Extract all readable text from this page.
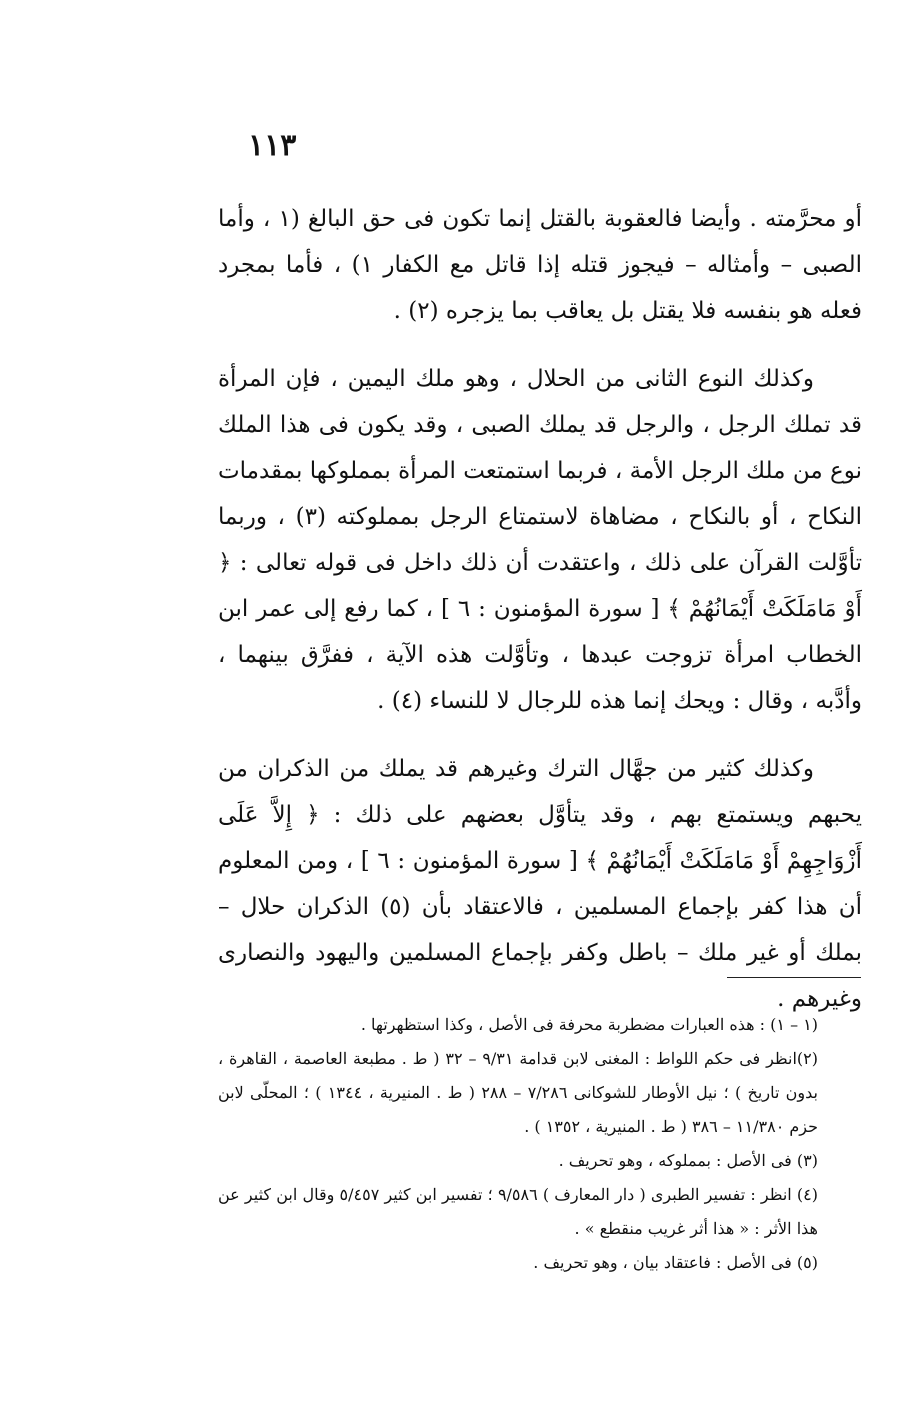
١١٣

أو محرَّمته . وأيضا فالعقوبة بالقتل إنما تكون فى حق البالغ (١ ، وأما الصبى – وأمثاله – فيجوز قتله إذا قاتل مع الكفار ١) ، فأما بمجرد فعله هو بنفسه فلا يقتل بل يعاقب بما يزجره (٢) .

وكذلك النوع الثانى من الحلال ، وهو ملك اليمين ، فإن المرأة قد تملك الرجل ، والرجل قد يملك الصبى ، وقد يكون فى هذا الملك نوع من ملك الرجل الأمة ، فربما استمتعت المرأة بمملوكها بمقدمات النكاح ، أو بالنكاح ، مضاهاة لاستمتاع الرجل بمملوكته (٣) ، وربما تأوَّلت القرآن على ذلك ، واعتقدت أن ذلك داخل فى قوله تعالى : ﴿ أَوْ مَامَلَكَتْ أَيْمَانُهُمْ ﴾ [ سورة المؤمنون : ٦ ] ، كما رفع إلى عمر ابن الخطاب امرأة تزوجت عبدها ، وتأوَّلت هذه الآية ، ففرَّق بينهما ، وأدَّبه ، وقال : ويحك إنما هذه للرجال لا للنساء (٤) .

وكذلك كثير من جهَّال الترك وغيرهم قد يملك من الذكران من يحبهم ويستمتع بهم ، وقد يتأوَّل بعضهم على ذلك : ﴿ إِلاَّ عَلَى أَزْوَاجِهِمْ أَوْ مَامَلَكَتْ أَيْمَانُهُمْ ﴾ [ سورة المؤمنون : ٦ ] ، ومن المعلوم أن هذا كفر بإجماع المسلمين ، فالاعتقاد بأن (٥) الذكران حلال – بملك أو غير ملك – باطل وكفر بإجماع المسلمين واليهود والنصارى وغيرهم .

(١ – ١) : هذه العبارات مضطربة محرفة فى الأصل ، وكذا استظهرتها .

(٢)انظر فى حكم اللواط : المغنى لابن قدامة ٩/٣١ – ٣٢ ( ط . مطبعة العاصمة ، القاهرة ، بدون تاريخ ) ؛ نيل الأوطار للشوكانى ٧/٢٨٦ – ٢٨٨ ( ط . المنيرية ، ١٣٤٤ ) ؛ المحلّى لابن حزم ١١/٣٨٠ – ٣٨٦ ( ط . المنيرية ، ١٣٥٢ ) .

(٣) فى الأصل : بمملوكه ، وهو تحريف .

(٤) انظر : تفسير الطبرى ( دار المعارف ) ٩/٥٨٦ ؛ تفسير ابن كثير ٥/٤٥٧ وقال ابن كثير عن هذا الأثر : « هذا أثر غريب منقطع » .

(٥) فى الأصل : فاعتقاد بيان ، وهو تحريف .
